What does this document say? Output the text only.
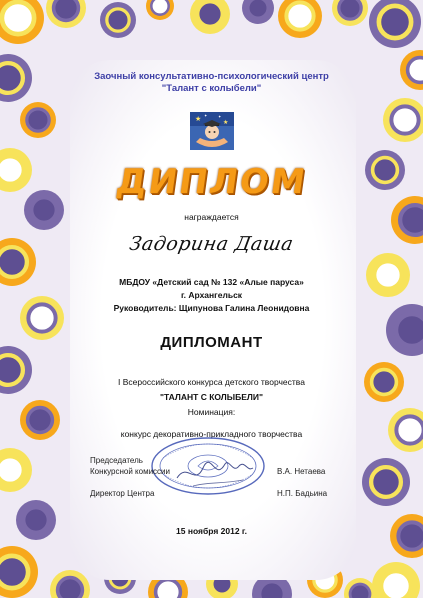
Заочный консультативно-психологический центр

"Талант с колыбели"

★	★
✦	✦

ДИПЛОМ

награждается

Задорина Даша

МБДОУ «Детский сад № 132 «Алые паруса»

г. Архангельск

Руководитель: Щипунова Галина Леонидовна

ДИПЛОМАНТ

I Всероссийского конкурса детского творчества

"ТАЛАНТ С КОЛЫБЕЛИ"

Номинация:

конкурс декоративно-прикладного творчества

Председатель
Конкурсной комиссии	В.А. Нетаева
Директор Центра	Н.П. Бадьина

15 ноября 2012 г.
